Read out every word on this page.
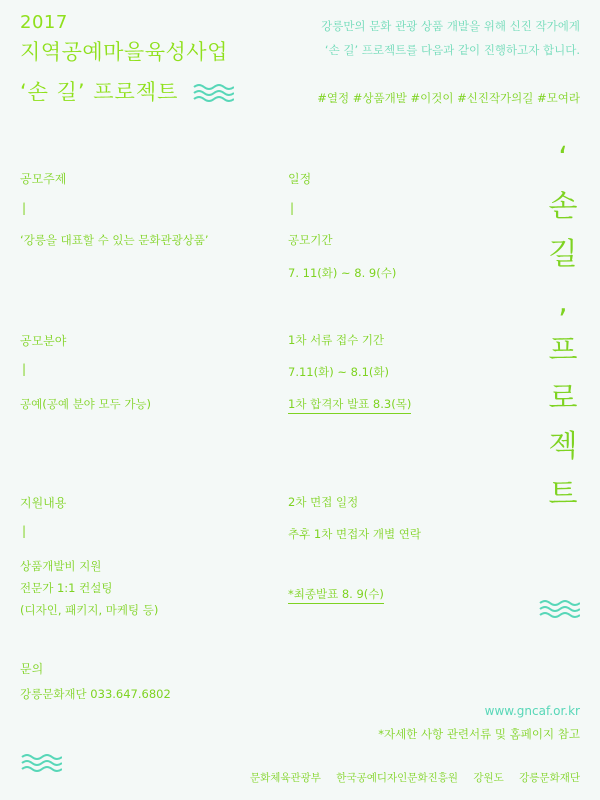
2017
지역공예마을육성사업
‘손 길’ 프로젝트
강릉만의 문화 관광 상품 개발을 위해 신진 작가에게
‘손 길’ 프로젝트를 다음과 같이 진행하고자 합니다.
#열정 #상품개발 #이것이 #신진작가의길 #모여라
‘
손
길
,
프
로
젝
트
공모주제
|
‘강릉을 대표할 수 있는 문화관광상품’
공모분야
|
공예(공예 분야 모두 가능)
지원내용
|
상품개발비 지원
전문가 1:1 컨설팅
(디자인, 패키지, 마케팅 등)
문의
강릉문화재단 033.647.6802
일정
|
공모기간
7. 11(화) ~ 8. 9(수)
1차 서류 접수 기간
7.11(화) ~ 8.1(화)
1차 합격자 발표 8.3(목)
2차 면접 일정
추후 1차 면접자 개별 연락
*최종발표 8. 9(수)
www.gncaf.or.kr
*자세한 사항 관련서류 및 홈페이지 참고
문화체육관광부 한국공예디자인문화진흥원 강원도 강릉문화재단
